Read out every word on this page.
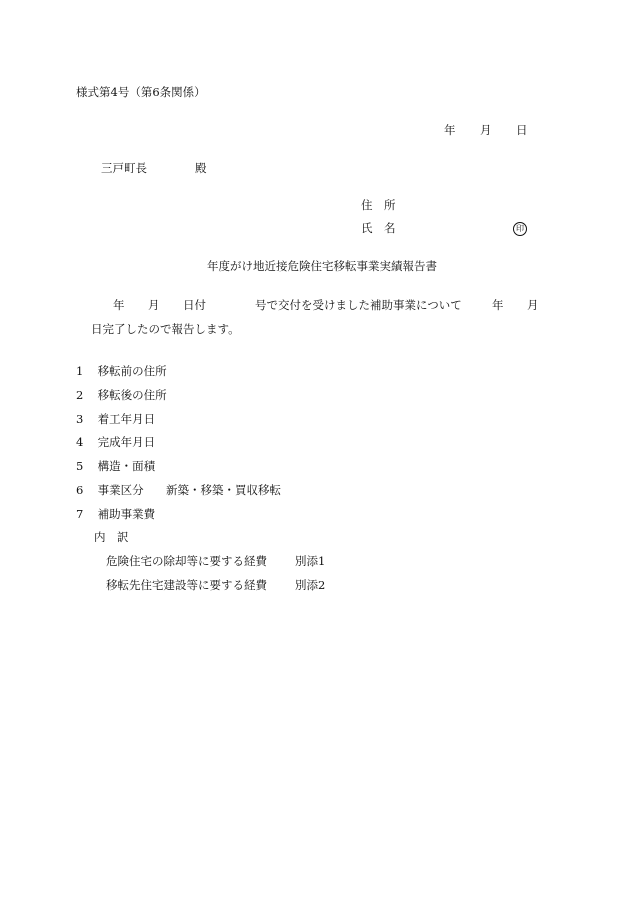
様式第4号（第6条関係）
年 月 日
三戸町長	殿
住　所
氏　名	印
年度がけ地近接危険住宅移転事業実績報告書
年 月 日付	号で交付を受けました補助事業について	年 月
日完了したので報告します。
1 移転前の住所
2 移転後の住所
3 着工年月日
4 完成年月日
5 構造・面積
6 事業区分 新築・移築・買収移転
7 補助事業費
内　訳
危険住宅の除却等に要する経費 別添1
移転先住宅建設等に要する経費 別添2
